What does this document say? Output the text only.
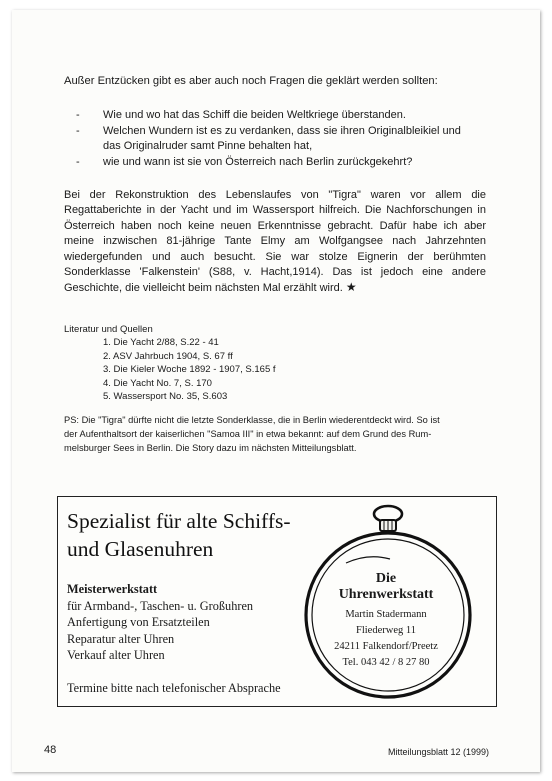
Außer Entzücken gibt es aber auch noch Fragen die geklärt werden sollten:
- Wie und wo hat das Schiff die beiden Weltkriege überstanden.
- Welchen Wundern ist es zu verdanken, dass sie ihren Originalbleikiel und
das Originalruder samt Pinne behalten hat,
- wie und wann ist sie von Österreich nach Berlin zurückgekehrt?
Bei der Rekonstruktion des Lebenslaufes von "Tigra" waren vor allem die Regattaberichte in der Yacht und im Wassersport hilfreich. Die Nachforschungen in Österreich haben noch keine neuen Erkenntnisse gebracht. Dafür habe ich aber meine inzwischen 81-jährige Tante Elmy am Wolfgangsee nach Jahrzehnten wiedergefunden und auch besucht. Sie war stolze Eignerin der berühmten Sonderklasse 'Falkenstein' (S88, v. Hacht,1914). Das ist jedoch eine andere Geschichte, die vielleicht beim nächsten Mal erzählt wird. ★
Literatur und Quellen
1. Die Yacht 2/88, S.22 - 41
2. ASV Jahrbuch 1904, S. 67 ff
3. Die Kieler Woche 1892 - 1907, S.165 f
4. Die Yacht No. 7, S. 170
5. Wassersport No. 35, S.603
PS: Die "Tigra" dürfte nicht die letzte Sonderklasse, die in Berlin wiederentdeckt wird. So ist
der Aufenthaltsort der kaiserlichen "Samoa III" in etwa bekannt: auf dem Grund des Rum-
melsburger Sees in Berlin. Die Story dazu im nächsten Mitteilungsblatt.
Spezialist für alte Schiffs-
und Glasenuhren
Meisterwerkstatt
für Armband-, Taschen- u. Großuhren
Anfertigung von Ersatzteilen
Reparatur alter Uhren
Verkauf alter Uhren
Termine bitte nach telefonischer Absprache
Die
Uhrenwerkstatt
Martin Stadermann
Fliederweg 11
24211 Falkendorf/Preetz
Tel. 043 42 / 8 27 80
48	Mitteilungsblatt 12 (1999)
